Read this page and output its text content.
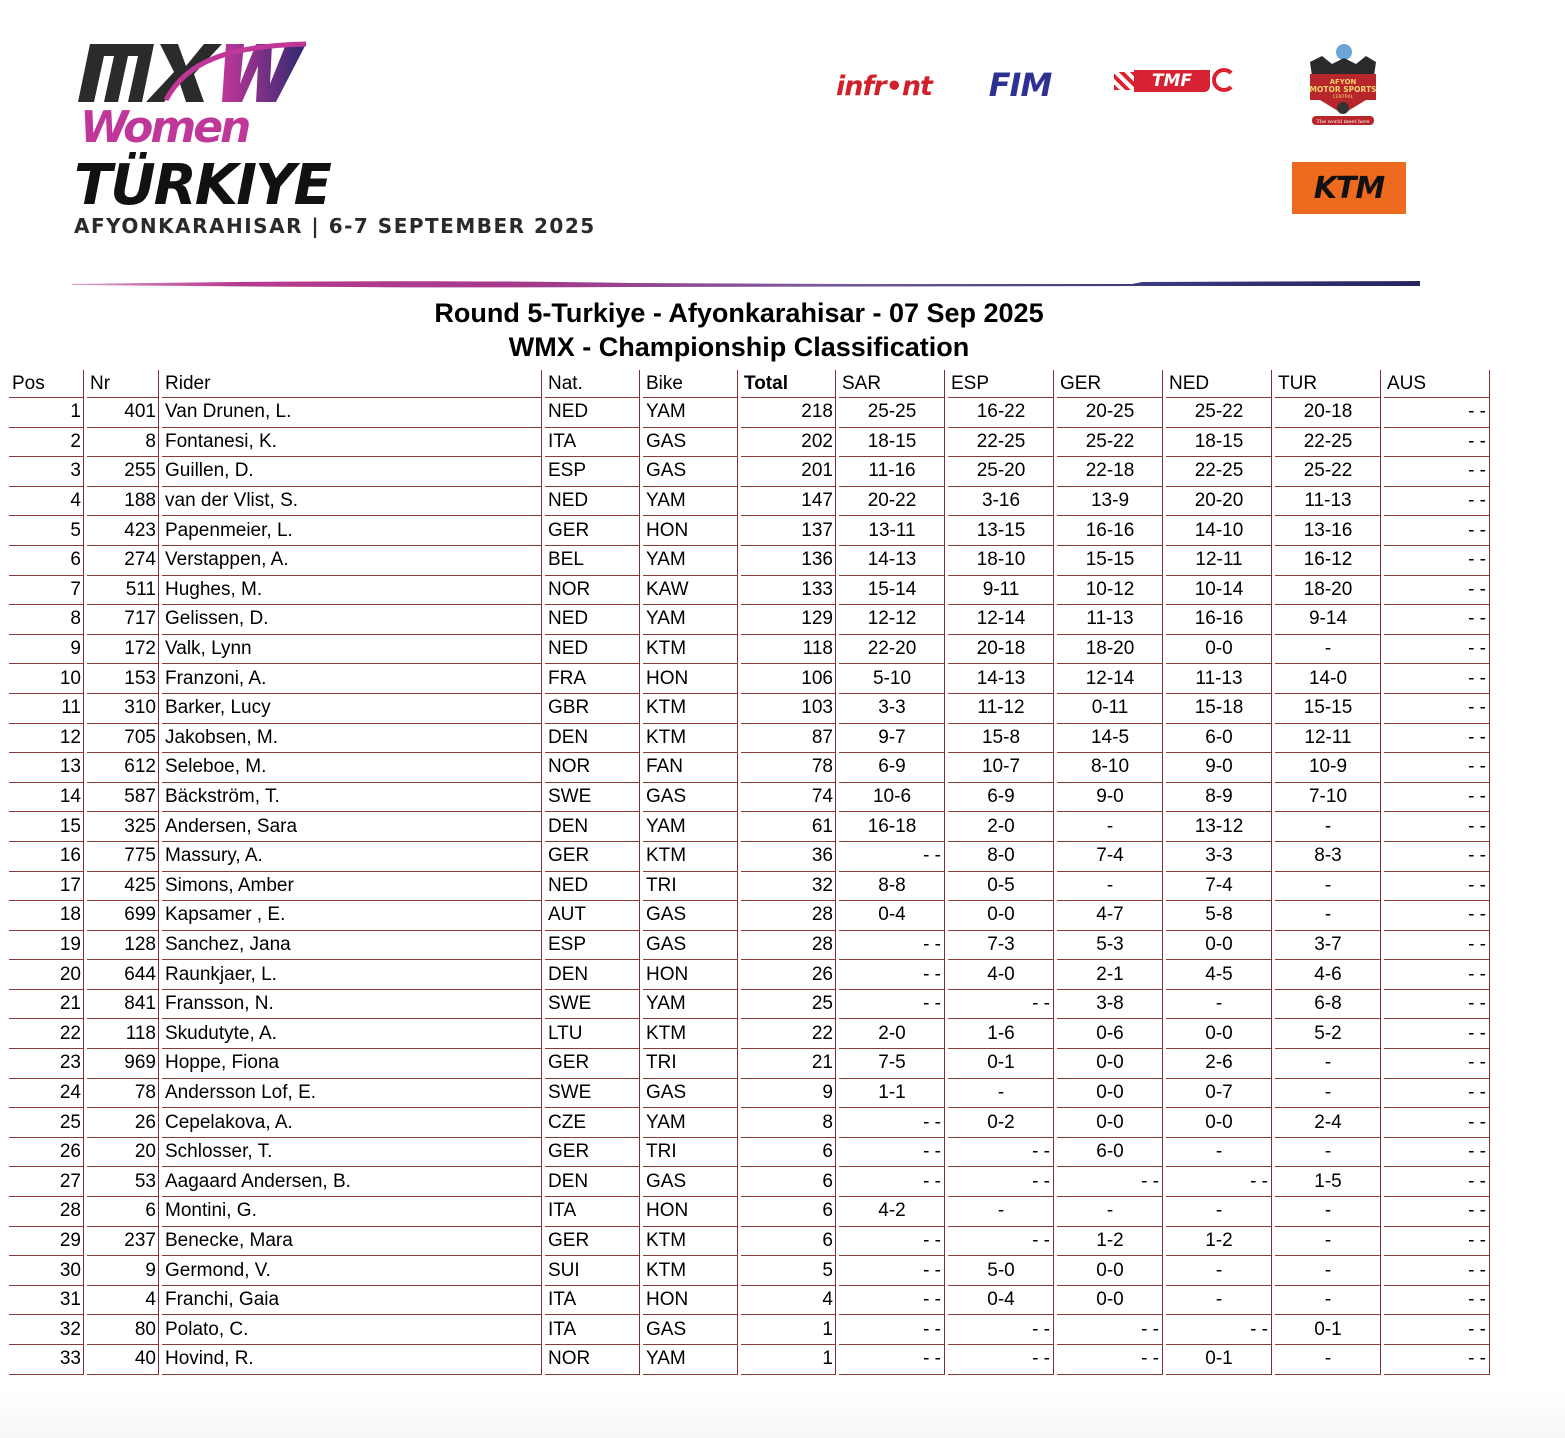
Women
TÜRKIYE
AFYONKARAHISAR | 6-7 SEPTEMBER 2025
infr•nt FIM	TMF	AFYON
MOTOR SPORTS
CENTRAL
The world meet here
KTM
Round 5-Turkiye - Afyonkarahisar - 07 Sep 2025
WMX - Championship Classification
Pos	Nr	Rider	Nat.	Bike	Total	SAR	ESP	GER	NED	TUR	AUS
1	401	Van Drunen, L.	NED	YAM	218	25-25	16-22	20-25	25-22	20-18	- -
2	8	Fontanesi, K.	ITA	GAS	202	18-15	22-25	25-22	18-15	22-25	- -
3	255	Guillen, D.	ESP	GAS	201	11-16	25-20	22-18	22-25	25-22	- -
4	188	van der Vlist, S.	NED	YAM	147	20-22	3-16	13-9	20-20	11-13	- -
5	423	Papenmeier, L.	GER	HON	137	13-11	13-15	16-16	14-10	13-16	- -
6	274	Verstappen, A.	BEL	YAM	136	14-13	18-10	15-15	12-11	16-12	- -
7	511	Hughes, M.	NOR	KAW	133	15-14	9-11	10-12	10-14	18-20	- -
8	717	Gelissen, D.	NED	YAM	129	12-12	12-14	11-13	16-16	9-14	- -
9	172	Valk, Lynn	NED	KTM	118	22-20	20-18	18-20	0-0	-	- -
10	153	Franzoni, A.	FRA	HON	106	5-10	14-13	12-14	11-13	14-0	- -
11	310	Barker, Lucy	GBR	KTM	103	3-3	11-12	0-11	15-18	15-15	- -
12	705	Jakobsen, M.	DEN	KTM	87	9-7	15-8	14-5	6-0	12-11	- -
13	612	Seleboe, M.	NOR	FAN	78	6-9	10-7	8-10	9-0	10-9	- -
14	587	Bäckström, T.	SWE	GAS	74	10-6	6-9	9-0	8-9	7-10	- -
15	325	Andersen, Sara	DEN	YAM	61	16-18	2-0	-	13-12	-	- -
16	775	Massury, A.	GER	KTM	36	- -	8-0	7-4	3-3	8-3	- -
17	425	Simons, Amber	NED	TRI	32	8-8	0-5	-	7-4	-	- -
18	699	Kapsamer , E.	AUT	GAS	28	0-4	0-0	4-7	5-8	-	- -
19	128	Sanchez, Jana	ESP	GAS	28	- -	7-3	5-3	0-0	3-7	- -
20	644	Raunkjaer, L.	DEN	HON	26	- -	4-0	2-1	4-5	4-6	- -
21	841	Fransson, N.	SWE	YAM	25	- -	- -	3-8	-	6-8	- -
22	118	Skudutyte, A.	LTU	KTM	22	2-0	1-6	0-6	0-0	5-2	- -
23	969	Hoppe, Fiona	GER	TRI	21	7-5	0-1	0-0	2-6	-	- -
24	78	Andersson Lof, E.	SWE	GAS	9	1-1	-	0-0	0-7	-	- -
25	26	Cepelakova, A.	CZE	YAM	8	- -	0-2	0-0	0-0	2-4	- -
26	20	Schlosser, T.	GER	TRI	6	- -	- -	6-0	-	-	- -
27	53	Aagaard Andersen, B.	DEN	GAS	6	- -	- -	- -	- -	1-5	- -
28	6	Montini, G.	ITA	HON	6	4-2	-	-	-	-	- -
29	237	Benecke, Mara	GER	KTM	6	- -	- -	1-2	1-2	-	- -
30	9	Germond, V.	SUI	KTM	5	- -	5-0	0-0	-	-	- -
31	4	Franchi, Gaia	ITA	HON	4	- -	0-4	0-0	-	-	- -
32	80	Polato, C.	ITA	GAS	1	- -	- -	- -	- -	0-1	- -
33	40	Hovind, R.	NOR	YAM	1	- -	- -	- -	0-1	-	- -
